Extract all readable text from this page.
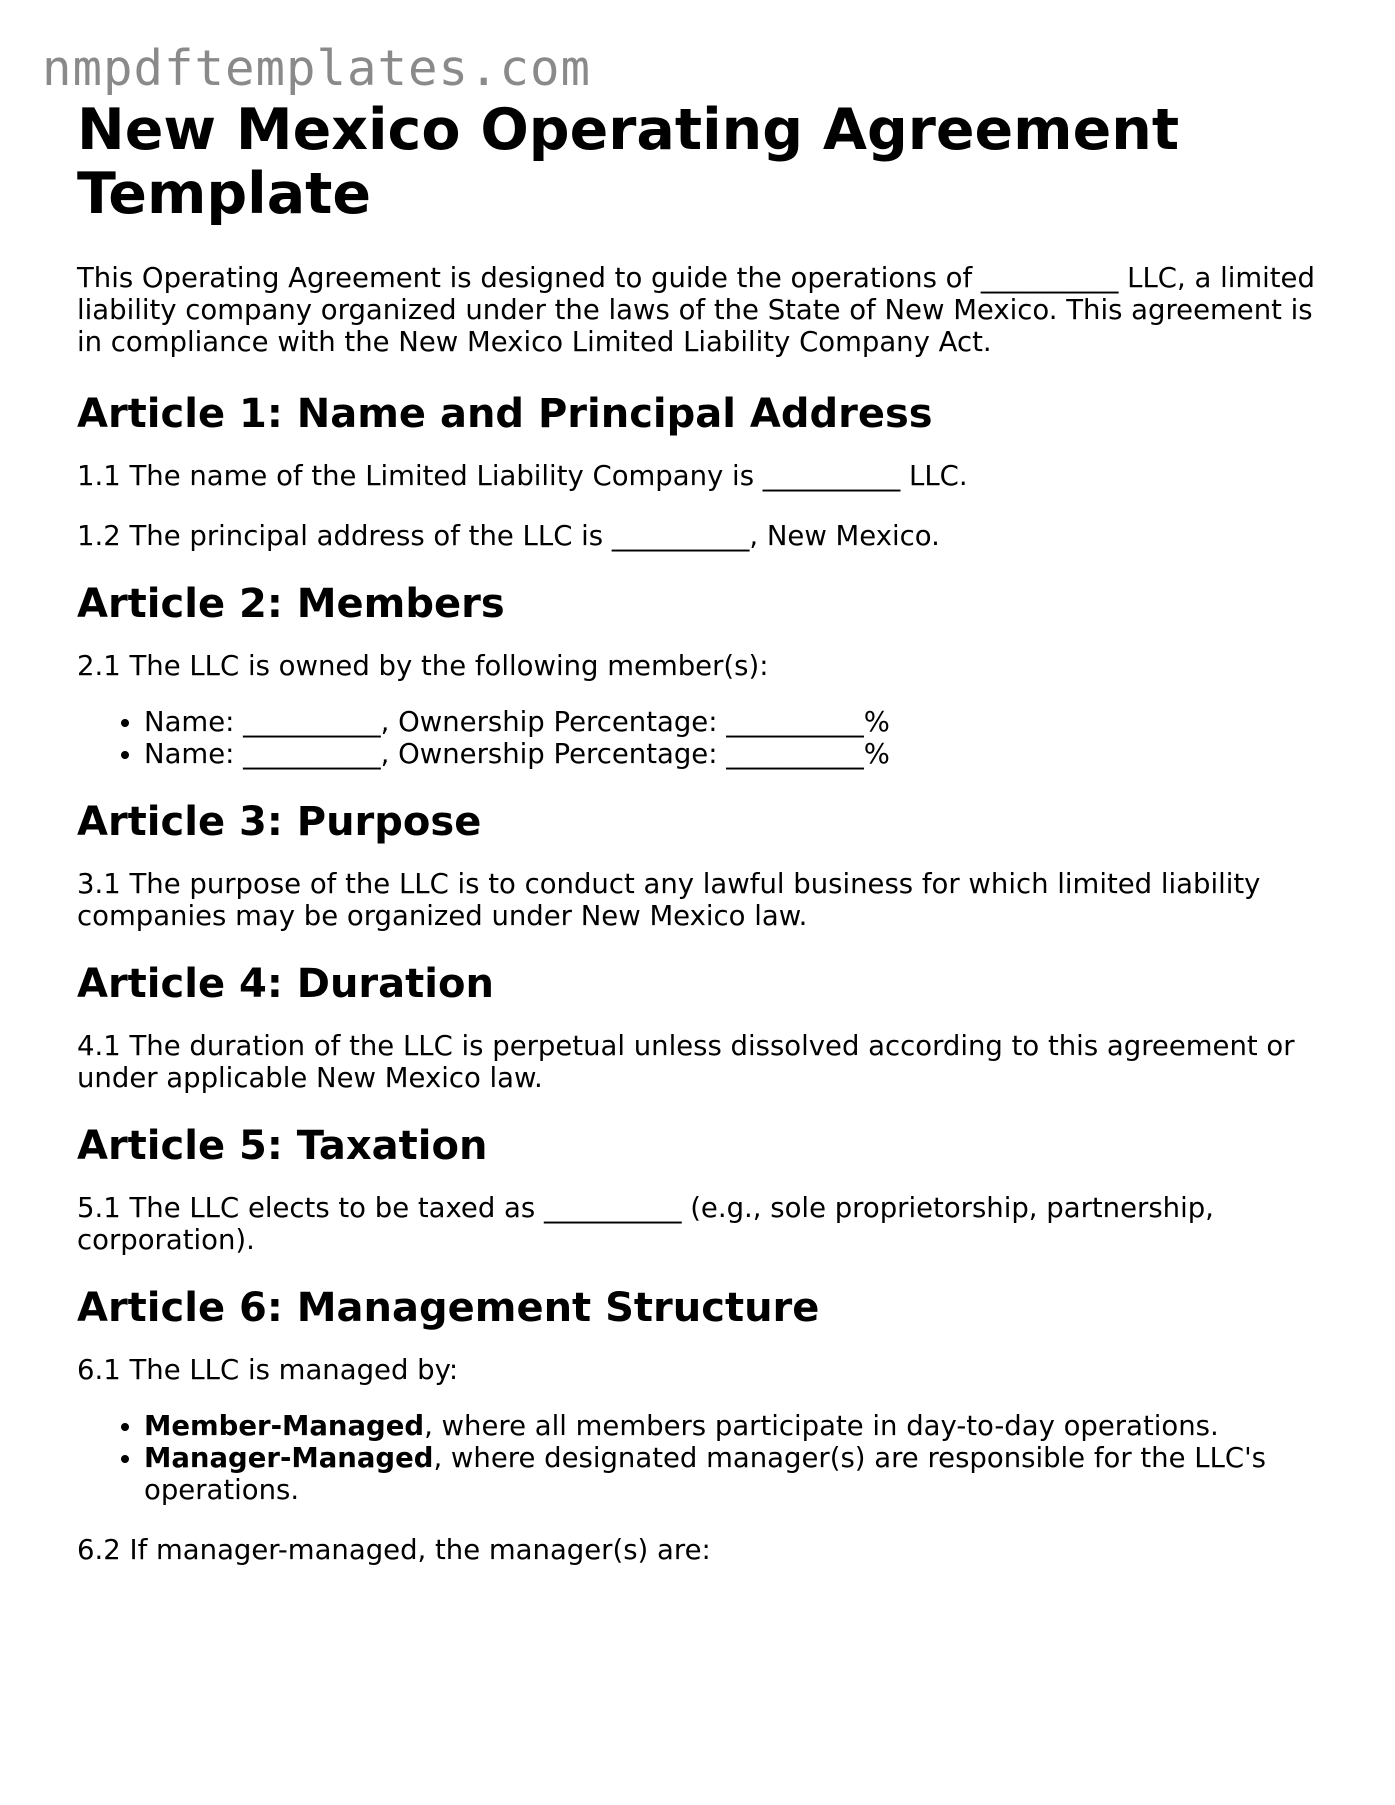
nmpdftemplates.com
New Mexico Operating Agreement Template

This Operating Agreement is designed to guide the operations of __________ LLC, a limited liability company organized under the laws of the State of New Mexico. This agreement is in compliance with the New Mexico Limited Liability Company Act.

Article 1: Name and Principal Address

1.1 The name of the Limited Liability Company is __________ LLC.

1.2 The principal address of the LLC is __________, New Mexico.

Article 2: Members

2.1 The LLC is owned by the following member(s):

• Name: __________, Ownership Percentage: __________%
• Name: __________, Ownership Percentage: __________%
Article 3: Purpose

3.1 The purpose of the LLC is to conduct any lawful business for which limited liability companies may be organized under New Mexico law.

Article 4: Duration

4.1 The duration of the LLC is perpetual unless dissolved according to this agreement or under applicable New Mexico law.

Article 5: Taxation

5.1 The LLC elects to be taxed as __________ (e.g., sole proprietorship, partnership, corporation).

Article 6: Management Structure

6.1 The LLC is managed by:

• Member-Managed, where all members participate in day-to-day operations.
• Manager-Managed, where designated manager(s) are responsible for the LLC's operations.

6.2 If manager-managed, the manager(s) are:
